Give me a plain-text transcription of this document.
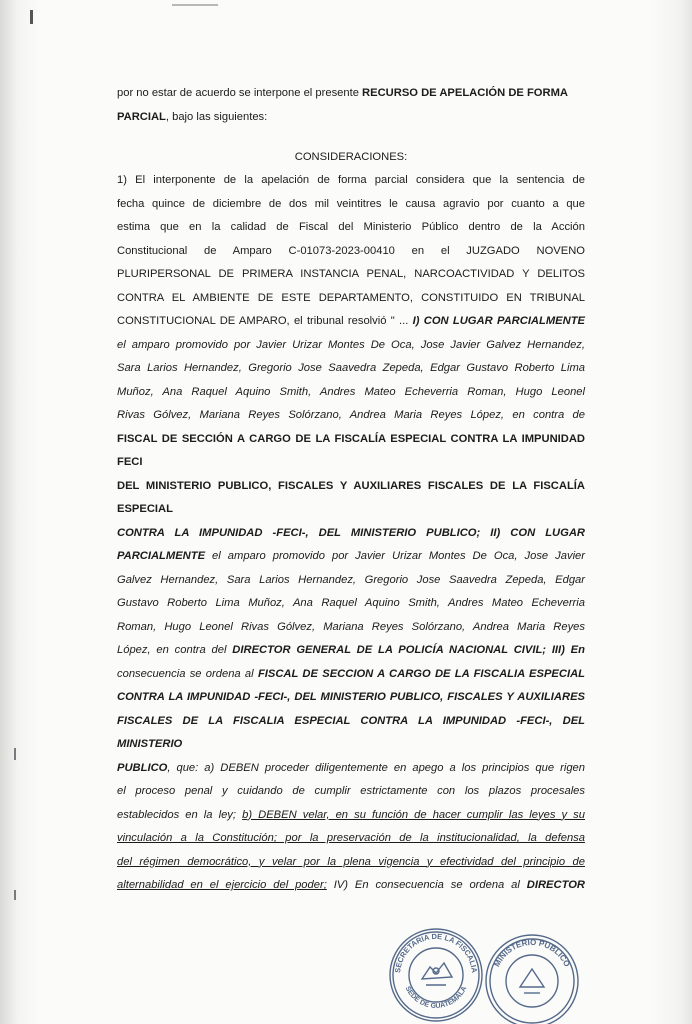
por no estar de acuerdo se interpone el presente RECURSO DE APELACIÓN DE FORMA

PARCIAL, bajo las siguientes:

CONSIDERACIONES:

1) El interponente de la apelación de forma parcial considera que la sentencia de

fecha quince de diciembre de dos mil veintitres le causa agravio por cuanto a que

estima que en la calidad de Fiscal del Ministerio Público dentro de la Acción

Constitucional de Amparo C-01073-2023-00410 en el JUZGADO NOVENO

PLURIPERSONAL DE PRIMERA INSTANCIA PENAL, NARCOACTIVIDAD Y DELITOS

CONTRA EL AMBIENTE DE ESTE DEPARTAMENTO, CONSTITUIDO EN TRIBUNAL

CONSTITUCIONAL DE AMPARO, el tribunal resolvió " ... I) CON LUGAR PARCIALMENTE

el amparo promovido por Javier Urizar Montes De Oca, Jose Javier Galvez Hernandez,

Sara Larios Hernandez, Gregorio Jose Saavedra Zepeda, Edgar Gustavo Roberto Lima

Muñoz, Ana Raquel Aquino Smith, Andres Mateo Echeverria Roman, Hugo Leonel

Rivas Gólvez, Mariana Reyes Solórzano, Andrea Maria Reyes López, en contra de

FISCAL DE SECCIÓN A CARGO DE LA FISCALÍA ESPECIAL CONTRA LA IMPUNIDAD FECI

DEL MINISTERIO PUBLICO, FISCALES Y AUXILIARES FISCALES DE LA FISCALÍA ESPECIAL

CONTRA LA IMPUNIDAD -FECI-, DEL MINISTERIO PUBLICO; II) CON LUGAR

PARCIALMENTE el amparo promovido por Javier Urizar Montes De Oca, Jose Javier

Galvez Hernandez, Sara Larios Hernandez, Gregorio Jose Saavedra Zepeda, Edgar

Gustavo Roberto Lima Muñoz, Ana Raquel Aquino Smith, Andres Mateo Echeverria

Roman, Hugo Leonel Rivas Gólvez, Mariana Reyes Solórzano, Andrea Maria Reyes

López, en contra del DIRECTOR GENERAL DE LA POLICÍA NACIONAL CIVIL; III) En

consecuencia se ordena al FISCAL DE SECCION A CARGO DE LA FISCALIA ESPECIAL

CONTRA LA IMPUNIDAD -FECI-, DEL MINISTERIO PUBLICO, FISCALES Y AUXILIARES

FISCALES DE LA FISCALIA ESPECIAL CONTRA LA IMPUNIDAD -FECI-, DEL MINISTERIO

PUBLICO, que: a) DEBEN proceder diligentemente en apego a los principios que rigen

el proceso penal y cuidando de cumplir estrictamente con los plazos procesales

establecidos en la ley; b) DEBEN velar, en su función de hacer cumplir las leyes y su

vinculación a la Constitución; por la preservación de la institucionalidad, la defensa

del régimen democrático, y velar por la plena vigencia y efectividad del principio de

alternabilidad en el ejercicio del poder; IV) En consecuencia se ordena al DIRECTOR

SECRETARIA DE LA FISCALIA
SEDE DE GUATEMALA
MINISTERIO PUBLICO
